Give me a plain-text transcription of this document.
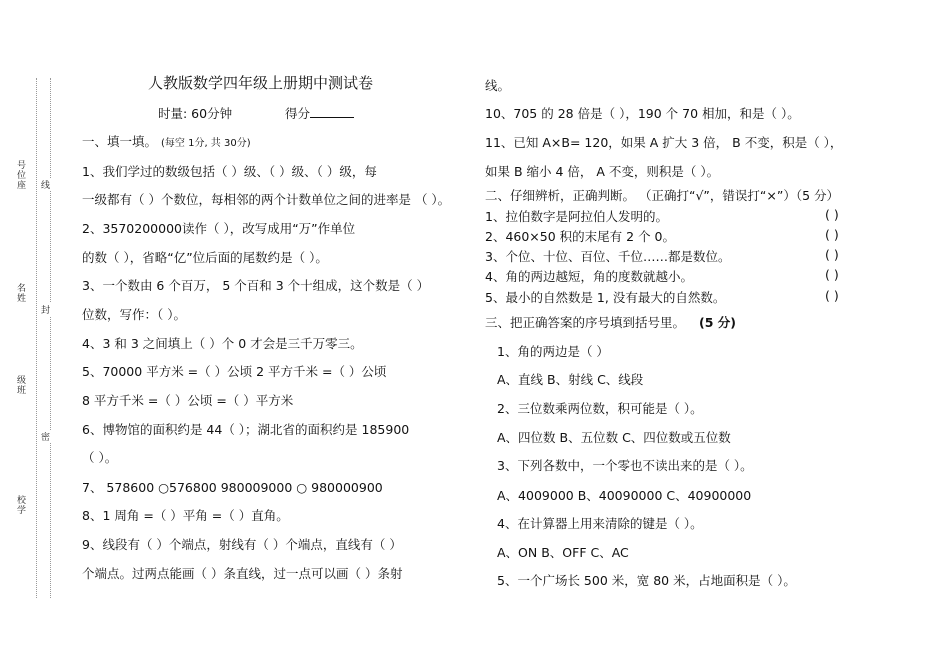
号位座
名姓
级班
校学
线
封
密
人教版数学四年级上册期中测试卷
时量: 60分钟	得分
一、填一填。 (每空 1分, 共 30分)
1、我们学过的数级包括（ ）级、（ ）级、（ ）级，每
一级都有（ ）个数位，每相邻的两个计数单位之间的进率是 （ ）。
2、3570200000读作（ ），改写成用“万”作单位
的数（ ），省略“亿”位后面的尾数约是（ ）。
3、一个数由 6 个百万， 5 个百和 3 个十组成，这个数是（ ）
位数，写作：（ ）。
4、3 和 3 之间填上（ ）个 0 才会是三千万零三。
5、70000 平方米 =（ ）公顷 2 平方千米 =（ ）公顷
8 平方千米 =（ ）公顷 =（ ）平方米
6、博物馆的面积约是 44（ ）；湖北省的面积约是 185900
（ ）。
7、 578600 ○576800 980009000 ○ 980000900
8、1 周角 =（ ）平角 =（ ）直角。
9、线段有（ ）个端点，射线有（ ）个端点，直线有（ ）
个端点。过两点能画（ ）条直线，过一点可以画（ ）条射
线。
10、705 的 28 倍是（ ），190 个 70 相加，和是（ ）。
11、已知 A×B= 120，如果 A 扩大 3 倍， B 不变，积是（ ），
如果 B 缩小 4 倍， A 不变，则积是（ ）。
二、仔细辨析，正确判断。 （正确打“√”，错误打“×”）（5 分）
1、拉伯数字是阿拉伯人发明的。	( )
2、460×50 积的末尾有 2 个 0。	( )
3、个位、十位、百位、千位……都是数位。	( )
4、角的两边越短，角的度数就越小。	( )
5、最小的自然数是 1, 没有最大的自然数。	( )
三、把正确答案的序号填到括号里。 (5 分)
1、角的两边是（ ）
A、直线 B、射线 C、线段
2、三位数乘两位数，积可能是（ ）。
A、四位数 B、五位数 C、四位数或五位数
3、下列各数中，一个零也不读出来的是（ ）。
A、4009000 B、40090000 C、40900000
4、在计算器上用来清除的键是（ ）。
A、ON B、OFF C、AC
5、一个广场长 500 米，宽 80 米，占地面积是（ ）。
